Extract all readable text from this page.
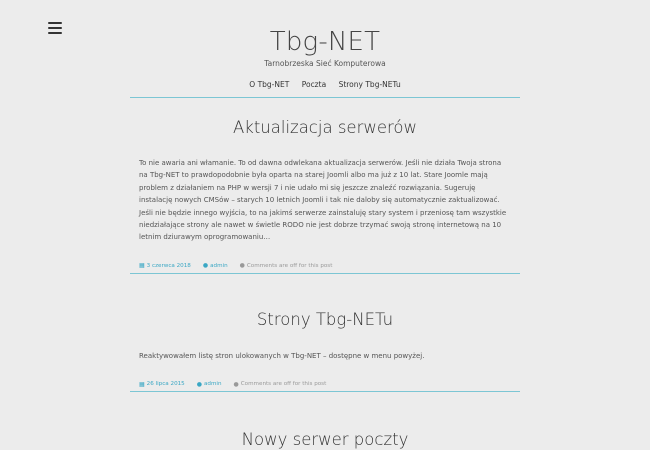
Tbg-NET
Tarnobrzeska Sieć Komputerowa
O Tbg-NET Poczta Strony Tbg-NETu
Aktualizacja serwerów
To nie awaria ani włamanie. To od dawna odwlekana aktualizacja serwerów. Jeśli nie działa Twoja strona na Tbg-NET to prawdopodobnie była oparta na starej Joomli albo ma już z 10 lat. Stare Joomle mają problem z działaniem na PHP w wersji 7 i nie udało mi się jeszcze znaleźć rozwiązania. Sugeruję instalację nowych CMSów – starych 10 letnich Joomli i tak nie daloby się automatycznie zaktualizować. Jeśli nie będzie innego wyjścia, to na jakimś serwerze zainstaluję stary system i przeniosę tam wszystkie niedziałające strony ale nawet w świetle RODO nie jest dobrze trzymać swoją stronę internetową na 10 letnim dziurawym oprogramowaniu…
▦ 3 czerwca 2018 ● admin ● Comments are off for this post
Strony Tbg-NETu
Reaktywowałem listę stron ulokowanych w Tbg-NET – dostępne w menu powyżej.
▦ 26 lipca 2015 ● admin ● Comments are off for this post
Nowy serwer poczty
